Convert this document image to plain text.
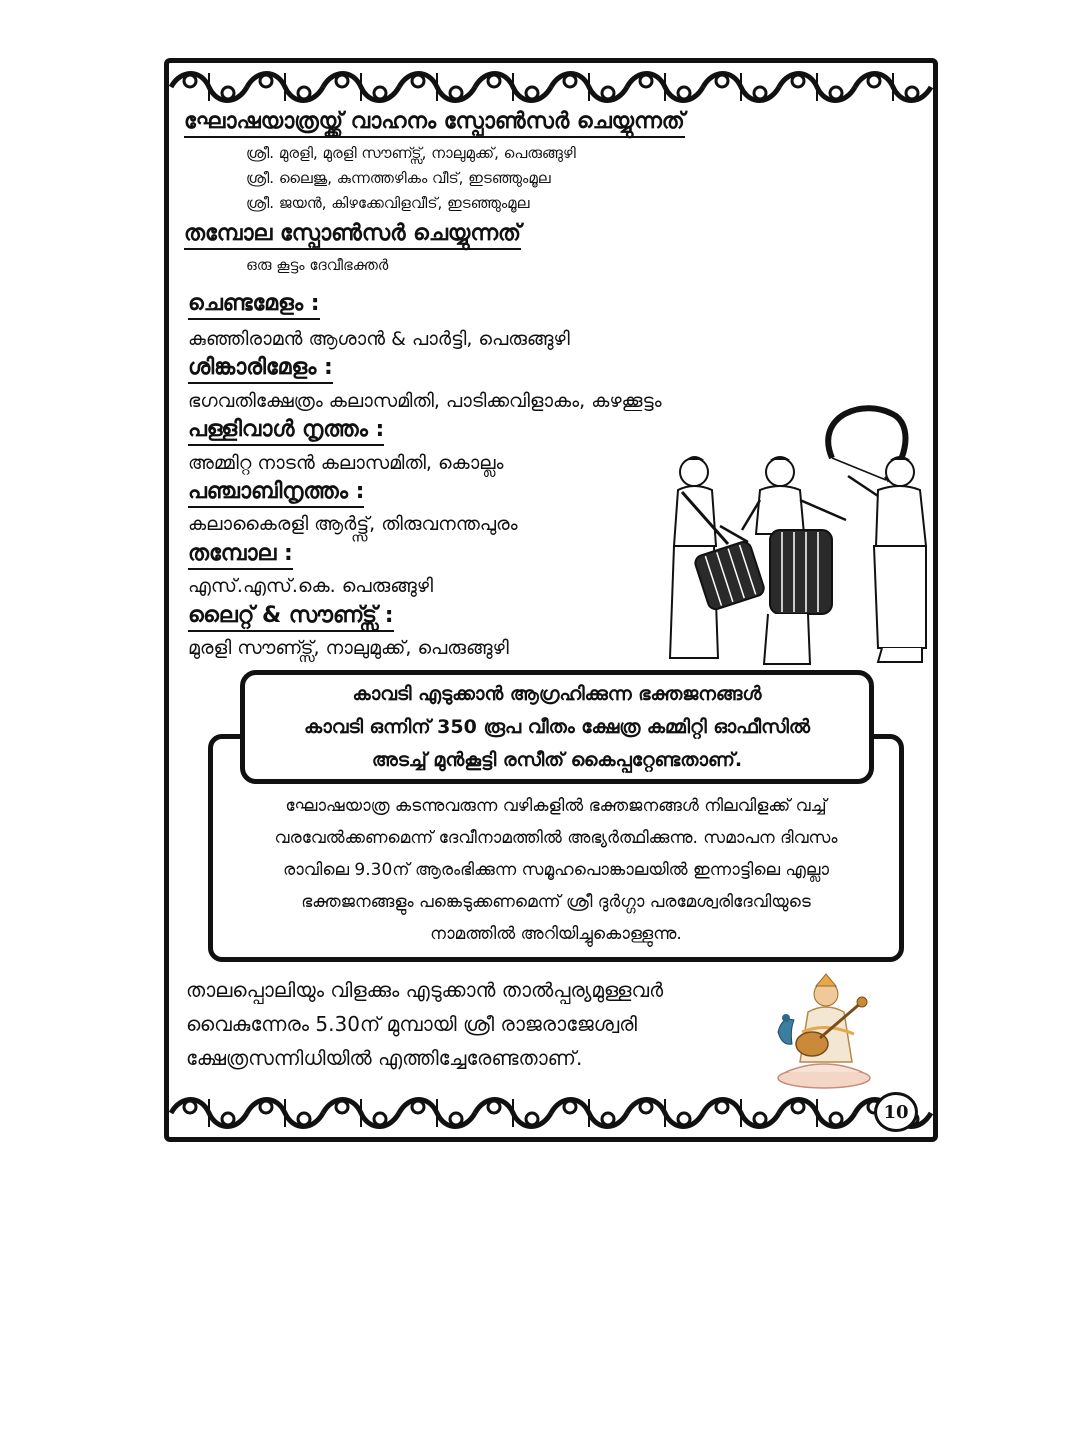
ഘോഷയാത്രയ്ക്ക് വാഹനം സ്പോൺസർ ചെയ്യുന്നത്
ശ്രീ. മുരളി, മുരളി സൗണ്ട്സ്, നാലുമുക്ക്, പെരുങ്ങുഴി
ശ്രീ. ലൈജു, കുന്നത്തഴികം വീട്, ഇടഞ്ഞുംമൂല
ശ്രീ. ജയൻ, കിഴക്കേവിളവീട്, ഇടഞ്ഞുംമൂല
തമ്പോല സ്പോൺസർ ചെയ്യുന്നത്
ഒരു കൂട്ടം ദേവീഭക്തർ
ചെണ്ടമേളം :
കുഞ്ഞിരാമൻ ആശാൻ & പാർട്ടി, പെരുങ്ങുഴി
ശിങ്കാരിമേളം :
ഭഗവതിക്ഷേത്രം കലാസമിതി, പാടിക്കവിളാകം, കഴക്കൂട്ടം
പള്ളിവാൾ നൃത്തം :
അമ്മിറ്റ നാടൻ കലാസമിതി, കൊല്ലം
പഞ്ചാബിനൃത്തം :
കലാകൈരളി ആർട്ട്സ്, തിരുവനന്തപുരം
തമ്പോല :
എസ്.എസ്.കെ. പെരുങ്ങുഴി
ലൈറ്റ് & സൗണ്ട്സ് :
മുരളി സൗണ്ട്സ്, നാലുമുക്ക്, പെരുങ്ങുഴി
കാവടി എടുക്കാൻ ആഗ്രഹിക്കുന്ന ഭക്തജനങ്ങൾ
കാവടി ഒന്നിന് 350 രൂപ വീതം ക്ഷേത്ര കമ്മിറ്റി ഓഫീസിൽ
അടച്ച് മുൻകൂട്ടി രസീത് കൈപ്പറ്റേണ്ടതാണ്.
ഘോഷയാത്ര കടന്നുവരുന്ന വഴികളിൽ ഭക്തജനങ്ങൾ നിലവിളക്ക് വച്ച്
വരവേൽക്കണമെന്ന് ദേവീനാമത്തിൽ അഭ്യർത്ഥിക്കുന്നു. സമാപന ദിവസം
രാവിലെ 9.30ന് ആരംഭിക്കുന്ന സമൂഹപൊങ്കാലയിൽ ഇന്നാട്ടിലെ എല്ലാ
ഭക്തജനങ്ങളും പങ്കെടുക്കണമെന്ന് ശ്രീ ദുർഗ്ഗാ പരമേശ്വരിദേവിയുടെ
നാമത്തിൽ അറിയിച്ചുകൊള്ളുന്നു.
താലപ്പൊലിയും വിളക്കും എടുക്കാൻ താൽപ്പര്യമുള്ളവർ
വൈകുന്നേരം 5.30ന് മുമ്പായി ശ്രീ രാജരാജേശ്വരി
ക്ഷേത്രസന്നിധിയിൽ എത്തിച്ചേരേണ്ടതാണ്.
10
